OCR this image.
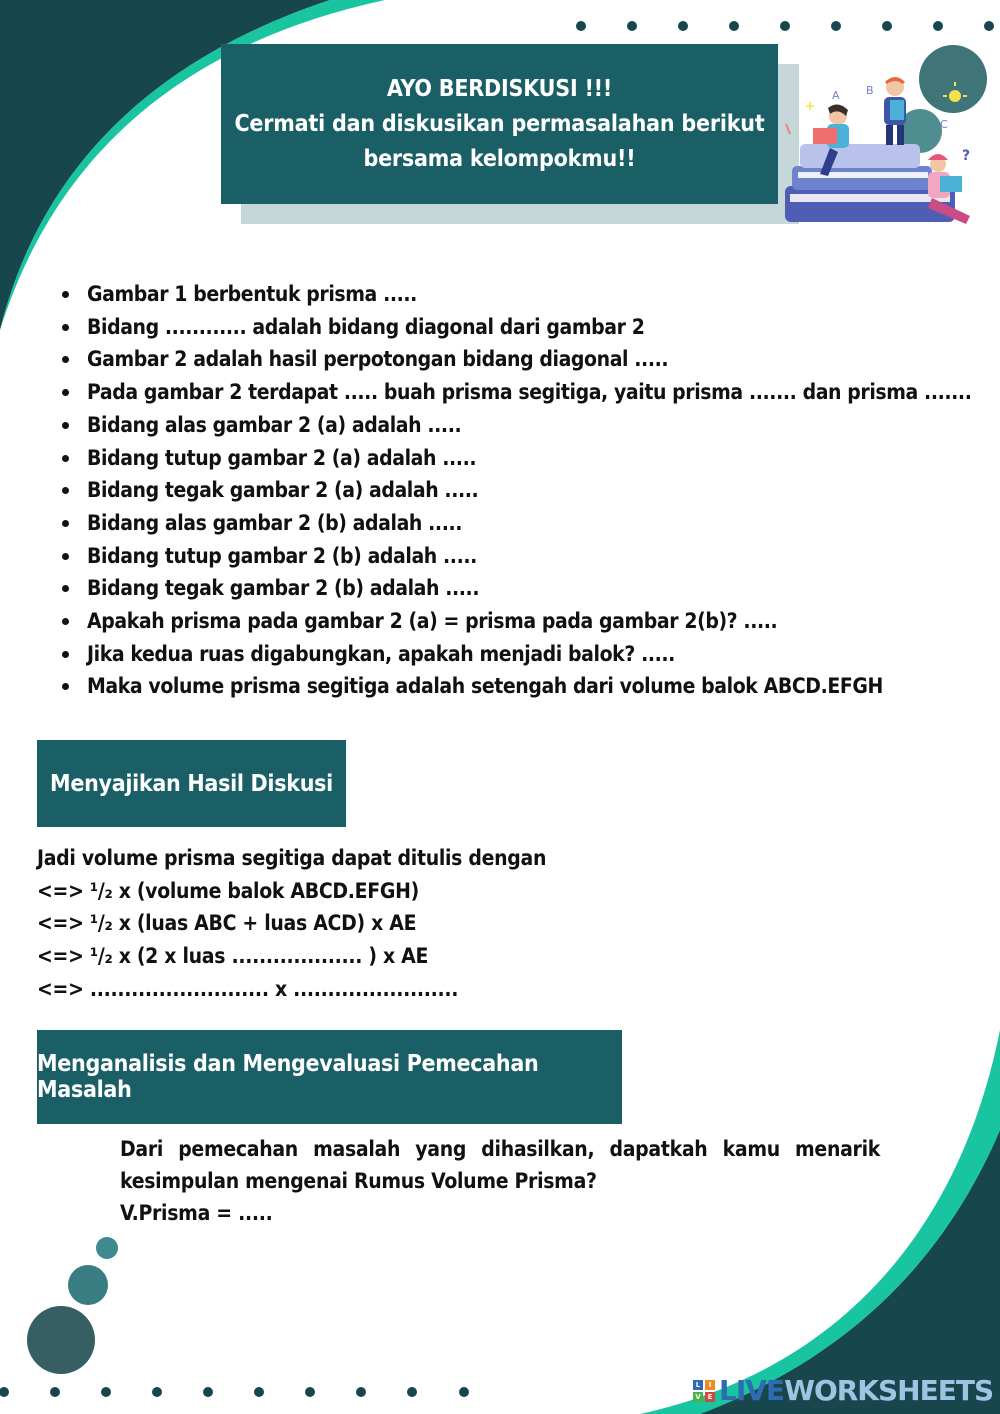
AYO BERDISKUSI !!!
Cermati dan diskusikan permasalahan berikut
bersama kelompokmu!!
B
A
C
?
Gambar 1 berbentuk prisma .....
Bidang ............ adalah bidang diagonal dari gambar 2
Gambar 2 adalah hasil perpotongan bidang diagonal .....
Pada gambar 2 terdapat ..... buah prisma segitiga, yaitu prisma ....... dan prisma .......
Bidang alas gambar 2 (a) adalah .....
Bidang tutup gambar 2 (a) adalah .....
Bidang tegak gambar 2 (a) adalah .....
Bidang alas gambar 2 (b) adalah .....
Bidang tutup gambar 2 (b) adalah .....
Bidang tegak gambar 2 (b) adalah .....
Apakah prisma pada gambar 2 (a) = prisma pada gambar 2(b)? .....
Jika kedua ruas digabungkan, apakah menjadi balok? .....
Maka volume prisma segitiga adalah setengah dari volume balok ABCD.EFGH
Menyajikan Hasil Diskusi
Jadi volume prisma segitiga dapat ditulis dengan
<=> ¹/₂ x (volume balok ABCD.EFGH)
<=> ¹/₂ x (luas ABC + luas ACD) x AE
<=> ¹/₂ x (2 x luas ................... ) x AE
<=> .......................... x ........................
Menganalisis dan Mengevaluasi Pemecahan Masalah
Dari pemecahan masalah yang dihasilkan, dapatkah kamu menarik kesimpulan mengenai Rumus Volume Prisma?
V.Prisma = .....
L	I
V E LIVEWORKSHEETS
